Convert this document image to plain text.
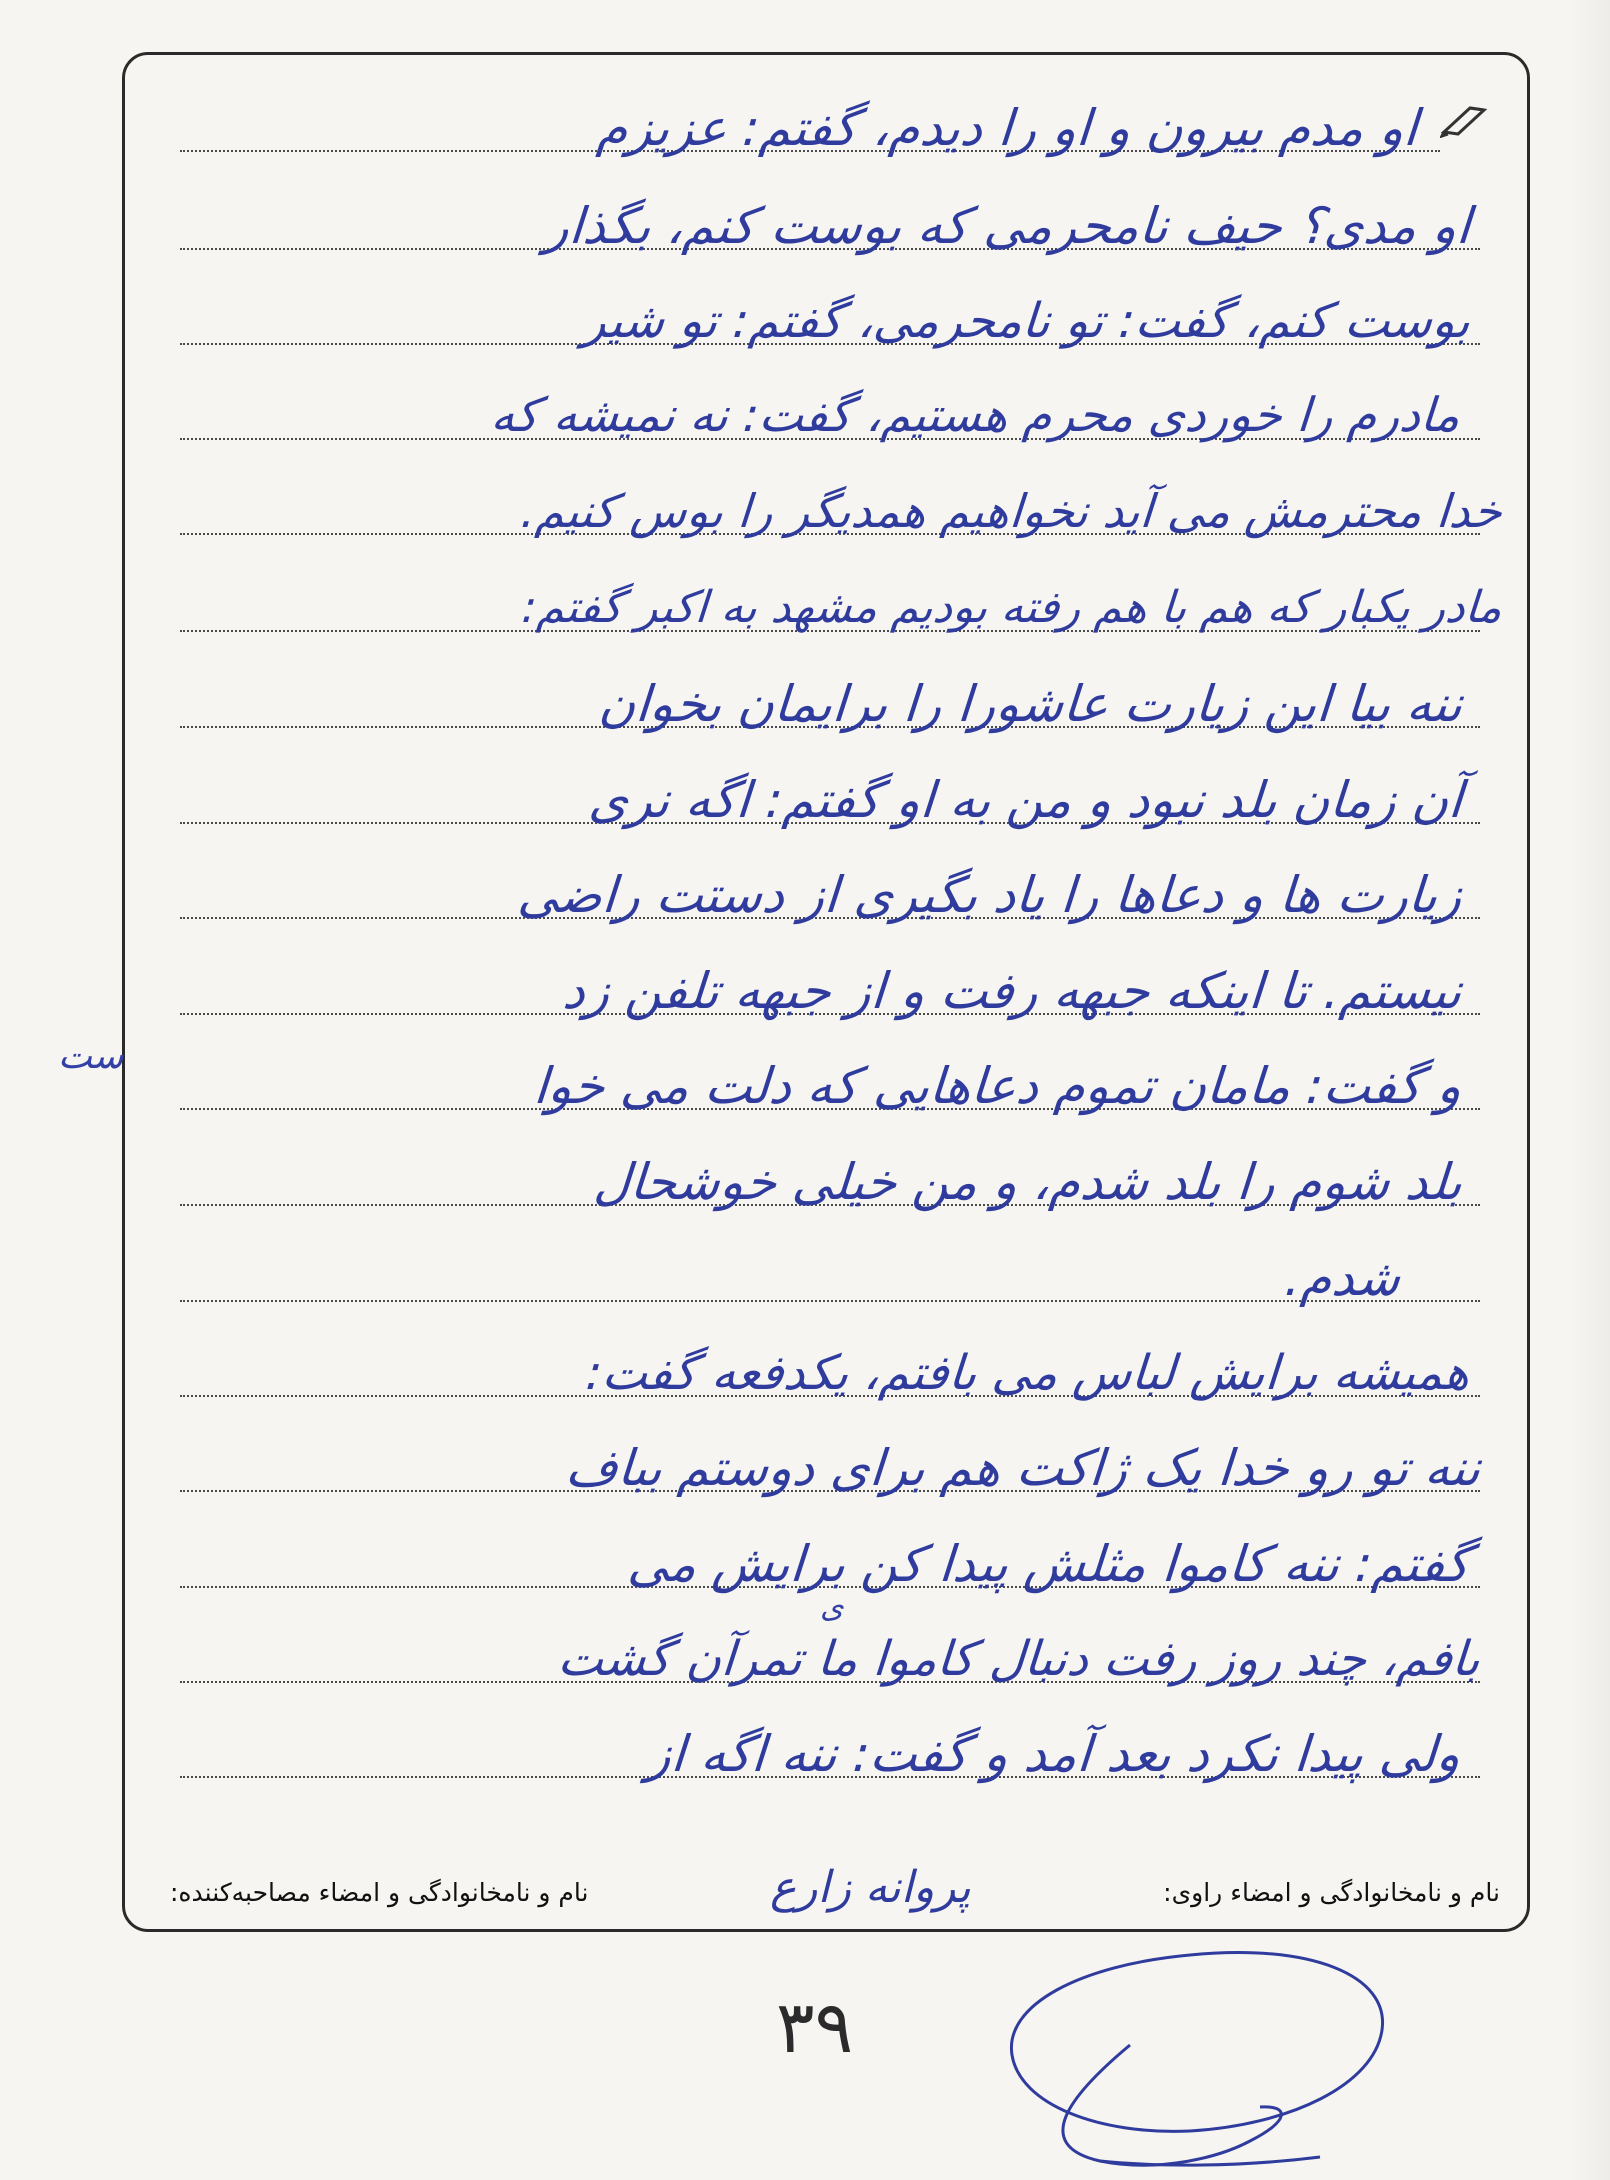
او مدم بیرون و او را دیدم، گفتم: عزیزم
او مدی؟ حیف نامحرمی که بوست کنم، بگذار
بوست کنم، گفت: تو نامحرمی، گفتم: تو شیر
مادرم را خوردی محرم هستیم، گفت: نه نمیشه که
خدا محترمش می آید نخواهیم همدیگر را بوس کنیم.
مادر یکبار که هم با هم رفته بودیم مشهد به اکبر گفتم:
ننه بیا این زیارت عاشورا را برایمان بخوان
آن زمان بلد نبود و من به او گفتم: اگه نری
زیارت ها و دعاها را یاد بگیری از دستت راضی
نیستم. تا اینکه جبهه رفت و از جبهه تلفن زد
و گفت: مامان تموم دعاهایی که دلت می خوا
بلد شوم را بلد شدم، و من خیلی خوشحال
شدم.
همیشه برایش لباس می بافتم، یکدفعه گفت:
ننه تو رو خدا یک ژاکت هم برای دوستم بباف
گفتم: ننه کاموا مثلش پیدا کن برایش می
بافم، چند روز رفت دنبال کاموا ما تمرآن گشت
ولی پیدا نکرد بعد آمد و گفت: ننه اگه از
ست
ی
نام و نامخانوادگی و امضاء راوی:
پروانه زارع
نام و نامخانوادگی و امضاء مصاحبه‌کننده:
۳۹
